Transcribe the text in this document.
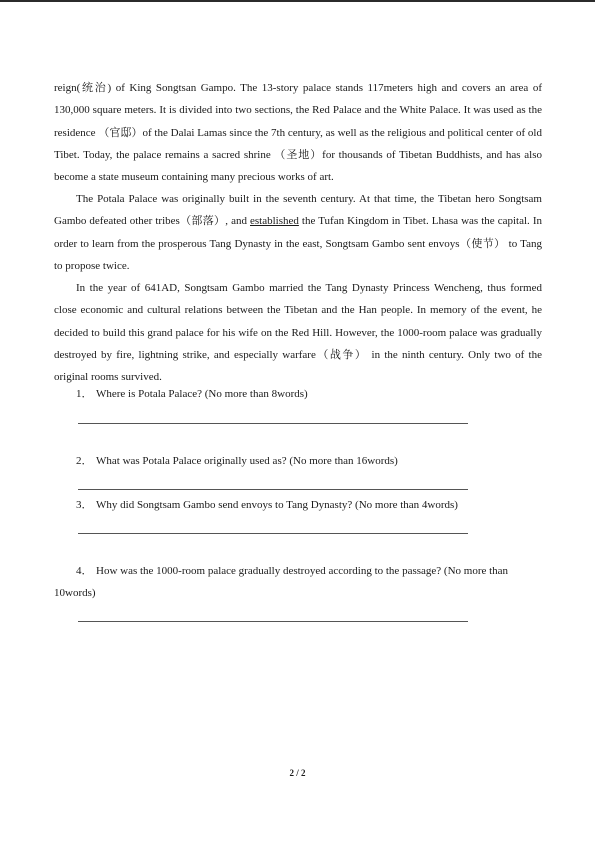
reign(统治) of King Songtsan Gampo. The 13-story palace stands 117meters high and covers an area of 130,000 square meters. It is divided into two sections, the Red Palace and the White Palace. It was used as the residence （官邸）of the Dalai Lamas since the 7th century, as well as the religious and political center of old Tibet. Today, the palace remains a sacred shrine （圣地）for thousands of Tibetan Buddhists, and has also become a state museum containing many precious works of art.

The Potala Palace was originally built in the seventh century. At that time, the Tibetan hero Songtsam Gambo defeated other tribes（部落）, and established the Tufan Kingdom in Tibet. Lhasa was the capital. In order to learn from the prosperous Tang Dynasty in the east, Songtsam Gambo sent envoys（使节） to Tang to propose twice.

In the year of 641AD, Songtsam Gambo married the Tang Dynasty Princess Wencheng, thus formed close economic and cultural relations between the Tibetan and the Han people. In memory of the event, he decided to build this grand palace for his wife on the Red Hill. However, the 1000-room palace was gradually destroyed by fire, lightning strike, and especially warfare（战争） in the ninth century. Only two of the original rooms survived.

1． Where is Potala Palace? (No more than 8words)
2． What was Potala Palace originally used as? (No more than 16words)
3． Why did Songtsam Gambo send envoys to Tang Dynasty? (No more than 4words)
4． How was the 1000-room palace gradually destroyed according to the passage? (No more than 10words)
2 / 2
